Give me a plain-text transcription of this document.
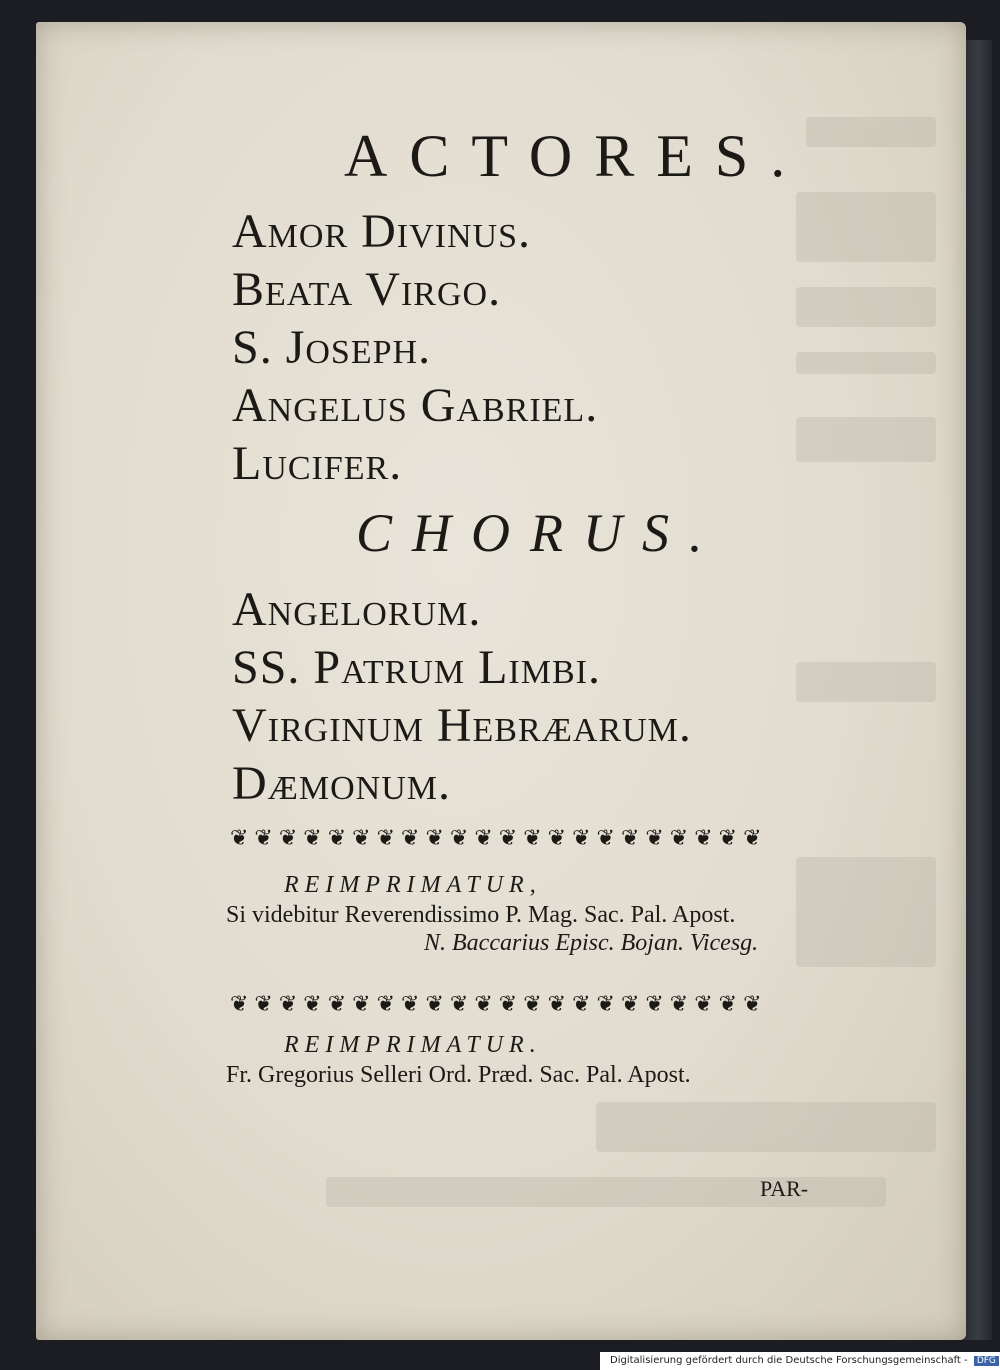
ACTORES.

Amor Divinus.

Beata Virgo.

S. Joseph.

Angelus Gabriel.

Lucifer.

CHORUS.

Angelorum.

SS. Patrum Limbi.

Virginum Hebræarum.

Dæmonum.

❦❦❦❦❦❦❦❦❦❦❦❦❦❦❦❦❦❦❦❦❦❦

REIMPRIMATUR,

Si videbitur Reverendissimo P. Mag. Sac. Pal. Apost.

N. Baccarius Episc. Bojan. Vicesg.

❦❦❦❦❦❦❦❦❦❦❦❦❦❦❦❦❦❦❦❦❦❦

REIMPRIMATUR.

Fr. Gregorius Selleri Ord. Præd. Sac. Pal. Apost.

PAR-

Digitalisierung gefördert durch die Deutsche Forschungsgemeinschaft - DFG
